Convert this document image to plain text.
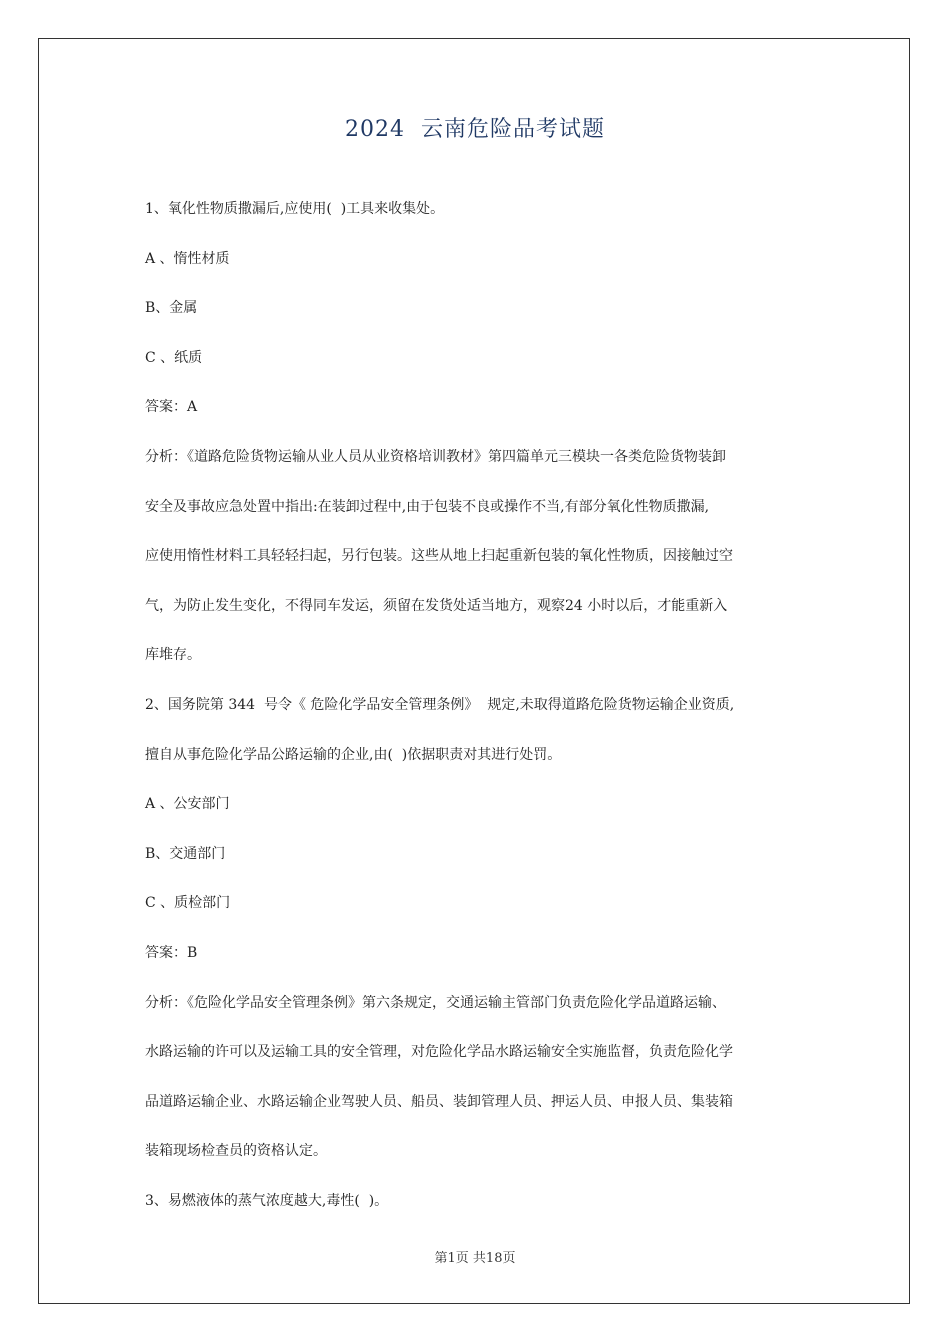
2024  云南危险品考试题
1、氧化性物质撒漏后,应使用(  )工具来收集处。
A 、惰性材质
B、金属
C 、纸质
答案：A
分析：《道路危险货物运输从业人员从业资格培训教材》第四篇单元三模块一各类危险货物装卸
安全及事故应急处置中指出:在装卸过程中,由于包装不良或操作不当,有部分氧化性物质撒漏,
应使用惰性材料工具轻轻扫起，另行包装。这些从地上扫起重新包装的氧化性物质，因接触过空
气，为防止发生变化，不得同车发运，须留在发货处适当地方，观察24 小时以后，才能重新入
库堆存。
2、国务院第 344  号令《 危险化学品安全管理条例》  规定,未取得道路危险货物运输企业资质,
擅自从事危险化学品公路运输的企业,由(  )依据职责对其进行处罚。
A 、公安部门
B、交通部门
C 、质检部门
答案：B
分析：《危险化学品安全管理条例》第六条规定，交通运输主管部门负责危险化学品道路运输、
水路运输的许可以及运输工具的安全管理，对危险化学品水路运输安全实施监督，负责危险化学
品道路运输企业、水路运输企业驾驶人员、船员、装卸管理人员、押运人员、申报人员、集装箱
装箱现场检查员的资格认定。
3、易燃液体的蒸气浓度越大,毒性(  )。
第1页 共18页
